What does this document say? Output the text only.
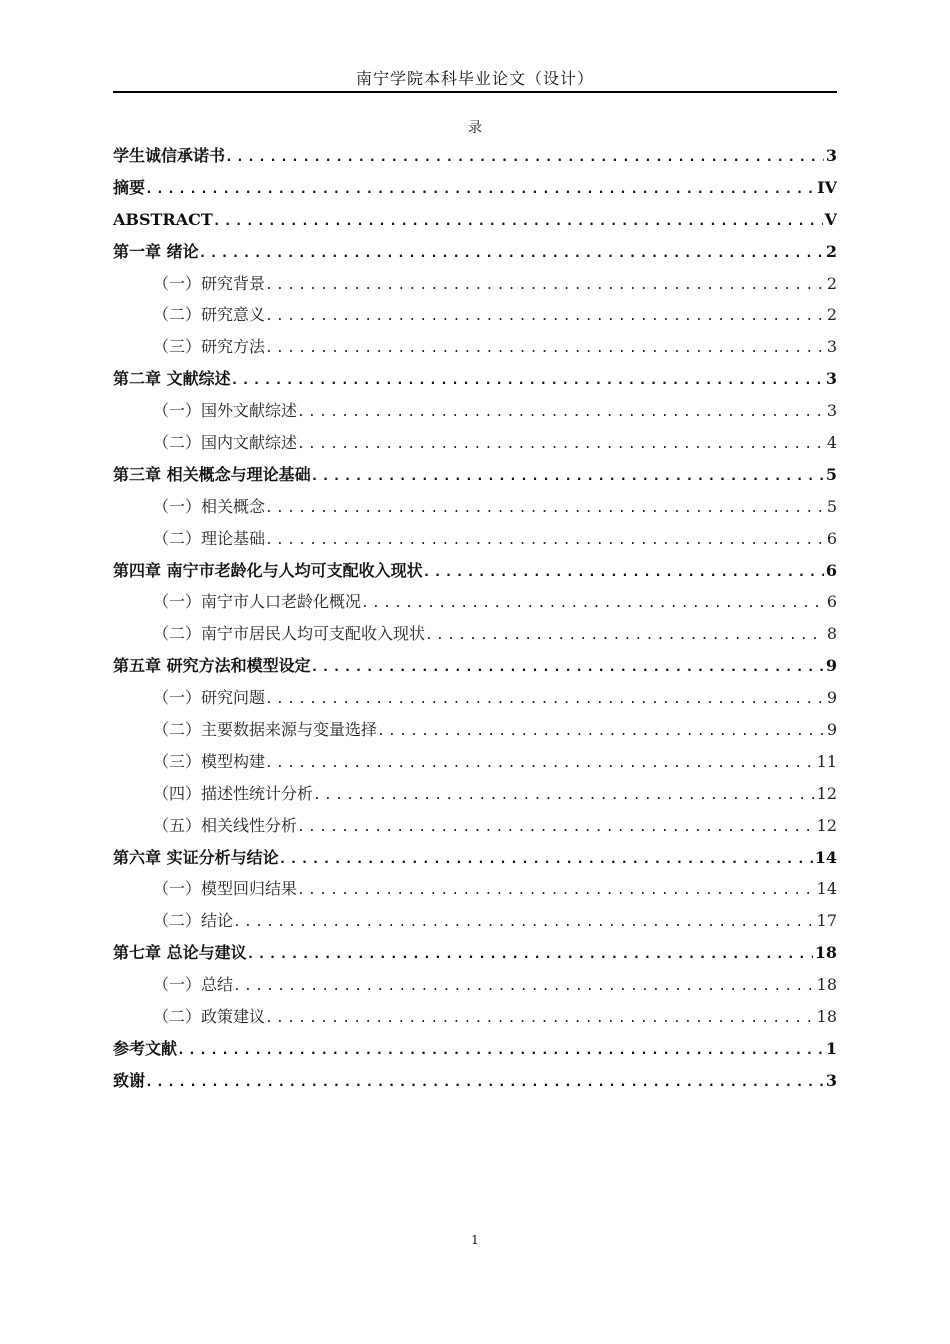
南宁学院本科毕业论文（设计）
录
学生诚信承诺书 .....	3
摘要 .....	IV
ABSTRACT .....	V
第一章 绪论 .....	2
（一）研究背景 .....	2
（二）研究意义 .....	2
（三）研究方法 .....	3
第二章 文献综述 .....	3
（一）国外文献综述 .....	3
（二）国内文献综述 .....	4
第三章 相关概念与理论基础 .....	5
（一）相关概念 .....	5
（二）理论基础 .....	6
第四章 南宁市老龄化与人均可支配收入现状 .....	6
（一）南宁市人口老龄化概况 .....	6
（二）南宁市居民人均可支配收入现状 .....	8
第五章 研究方法和模型设定 .....	9
（一）研究问题 .....	9
（二）主要数据来源与变量选择 .....	9
（三）模型构建 .....	11
（四）描述性统计分析 .....	12
（五）相关线性分析 .....	12
第六章 实证分析与结论 .....	14
（一）模型回归结果 .....	14
（二）结论 .....	17
第七章 总论与建议 .....	18
（一）总结 .....	18
（二）政策建议 .....	18
参考文献 .....	1
致谢 .....	3
1
